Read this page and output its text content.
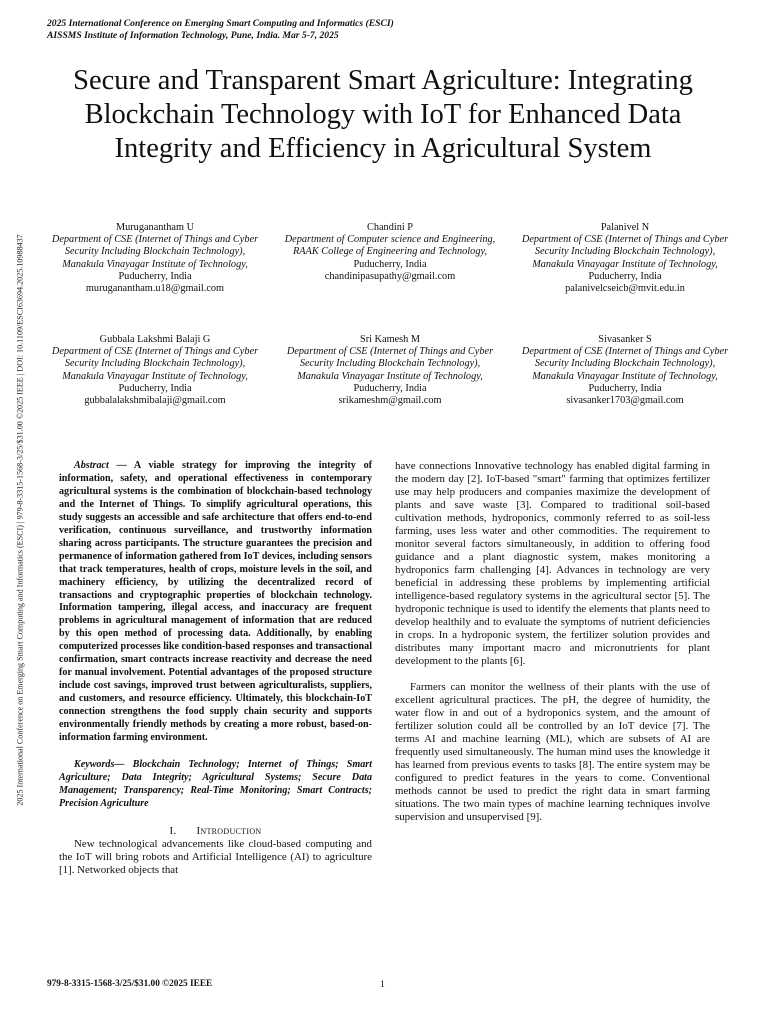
2025 International Conference on Emerging Smart Computing and Informatics (ESCI)
AISSMS Institute of Information Technology, Pune, India. Mar 5-7, 2025
2025 International Conference on Emerging Smart Computing and Informatics (ESCI) | 979-8-3315-1568-3/25/$31.00 ©2025 IEEE | DOI: 10.1109/ESCI63694.2025.10988437
Secure and Transparent Smart Agriculture: Integrating Blockchain Technology with IoT for Enhanced Data Integrity and Efficiency in Agricultural System
Muruganantham U
Department of CSE (Internet of Things and Cyber Security Including Blockchain Technology),
Manakula Vinayagar Institute of Technology,
Puducherry, India
muruganantham.u18@gmail.com
Chandini P
Department of Computer science and Engineering,
RAAK College of Engineering and Technology,
Puducherry, India
chandinipasupathy@gmail.com
Palanivel N
Department of CSE (Internet of Things and Cyber Security Including Blockchain Technology),
Manakula Vinayagar Institute of Technology,
Puducherry, India
palanivelcseicb@mvit.edu.in
Gubbala Lakshmi Balaji G
Department of CSE (Internet of Things and Cyber Security Including Blockchain Technology),
Manakula Vinayagar Institute of Technology,
Puducherry, India
gubbalalakshmibalaji@gmail.com
Sri Kamesh M
Department of CSE (Internet of Things and Cyber Security Including Blockchain Technology),
Manakula Vinayagar Institute of Technology,
Puducherry, India
srikameshm@gmail.com
Sivasanker S
Department of CSE (Internet of Things and Cyber Security Including Blockchain Technology),
Manakula Vinayagar Institute of Technology,
Puducherry, India
sivasanker1703@gmail.com

Abstract — A viable strategy for improving the integrity of information, safety, and operational effectiveness in contemporary agricultural systems is the combination of blockchain-based technology and the Internet of Things. To simplify agricultural operations, this study suggests an accessible and safe architecture that offers end-to-end verification, continuous surveillance, and trustworthy information sharing across participants. The structure guarantees the precision and permanence of information gathered from IoT devices, including sensors that track temperatures, health of crops, moisture levels in the soil, and machinery efficiency, by utilizing the decentralized record of transactions and cryptographic properties of blockchain technology. Information tampering, illegal access, and inaccuracy are frequent problems in agricultural management of information that are reduced by this open method of processing data. Additionally, by enabling computerized processes like condition-based responses and transactional confirmation, smart contracts increase reactivity and decrease the need for manual involvement. Potential advantages of the proposed structure include cost savings, improved trust between agriculturalists, suppliers, and customers, and resource efficiency. Ultimately, this blockchain-IoT connection strengthens the food supply chain security and supports environmentally friendly methods by creating a more robust, based-on-information farming environment.

Keywords— Blockchain Technology; Internet of Things; Smart Agriculture; Data Integrity; Agricultural Systems; Secure Data Management; Transparency; Real-Time Monitoring; Smart Contracts; Precision Agriculture

I. Introduction

New technological advancements like cloud-based computing and the IoT will bring robots and Artificial Intelligence (AI) to agriculture [1]. Networked objects that

have connections Innovative technology has enabled digital farming in the modern day [2]. IoT-based "smart" farming that optimizes fertilizer use may help producers and companies maximize the development of plants and save waste [3]. Compared to traditional soil-based cultivation methods, hydroponics, commonly referred to as soil-less farming, uses less water and other commodities. The requirement to monitor several factors simultaneously, in addition to offering food guidance and a plant diagnostic system, makes monitoring a hydroponics farm challenging [4]. Advances in technology are very beneficial in addressing these problems by implementing artificial intelligence-based regulatory systems in the agricultural sector [5]. The hydroponic technique is used to identify the elements that plants need to develop healthily and to evaluate the symptoms of nutrient deficiencies in crops. In a hydroponic system, the fertilizer solution provides and distributes many important macro and micronutrients for plant development to the plants [6].

Farmers can monitor the wellness of their plants with the use of excellent agricultural practices. The pH, the degree of humidity, the water flow in and out of a hydroponics system, and the amount of fertilizer solution could all be controlled by an IoT device [7]. The terms AI and machine learning (ML), which are subsets of AI are frequently used simultaneously. The human mind uses the knowledge it has learned from previous events to tasks [8]. The entire system may be configured to predict features in the years to come. Conventional methods cannot be used to predict the right data in smart farming situations. The two main types of machine learning techniques involve supervision and unsupervised [9].

979-8-3315-1568-3/25/$31.00 ©2025 IEEE	1
